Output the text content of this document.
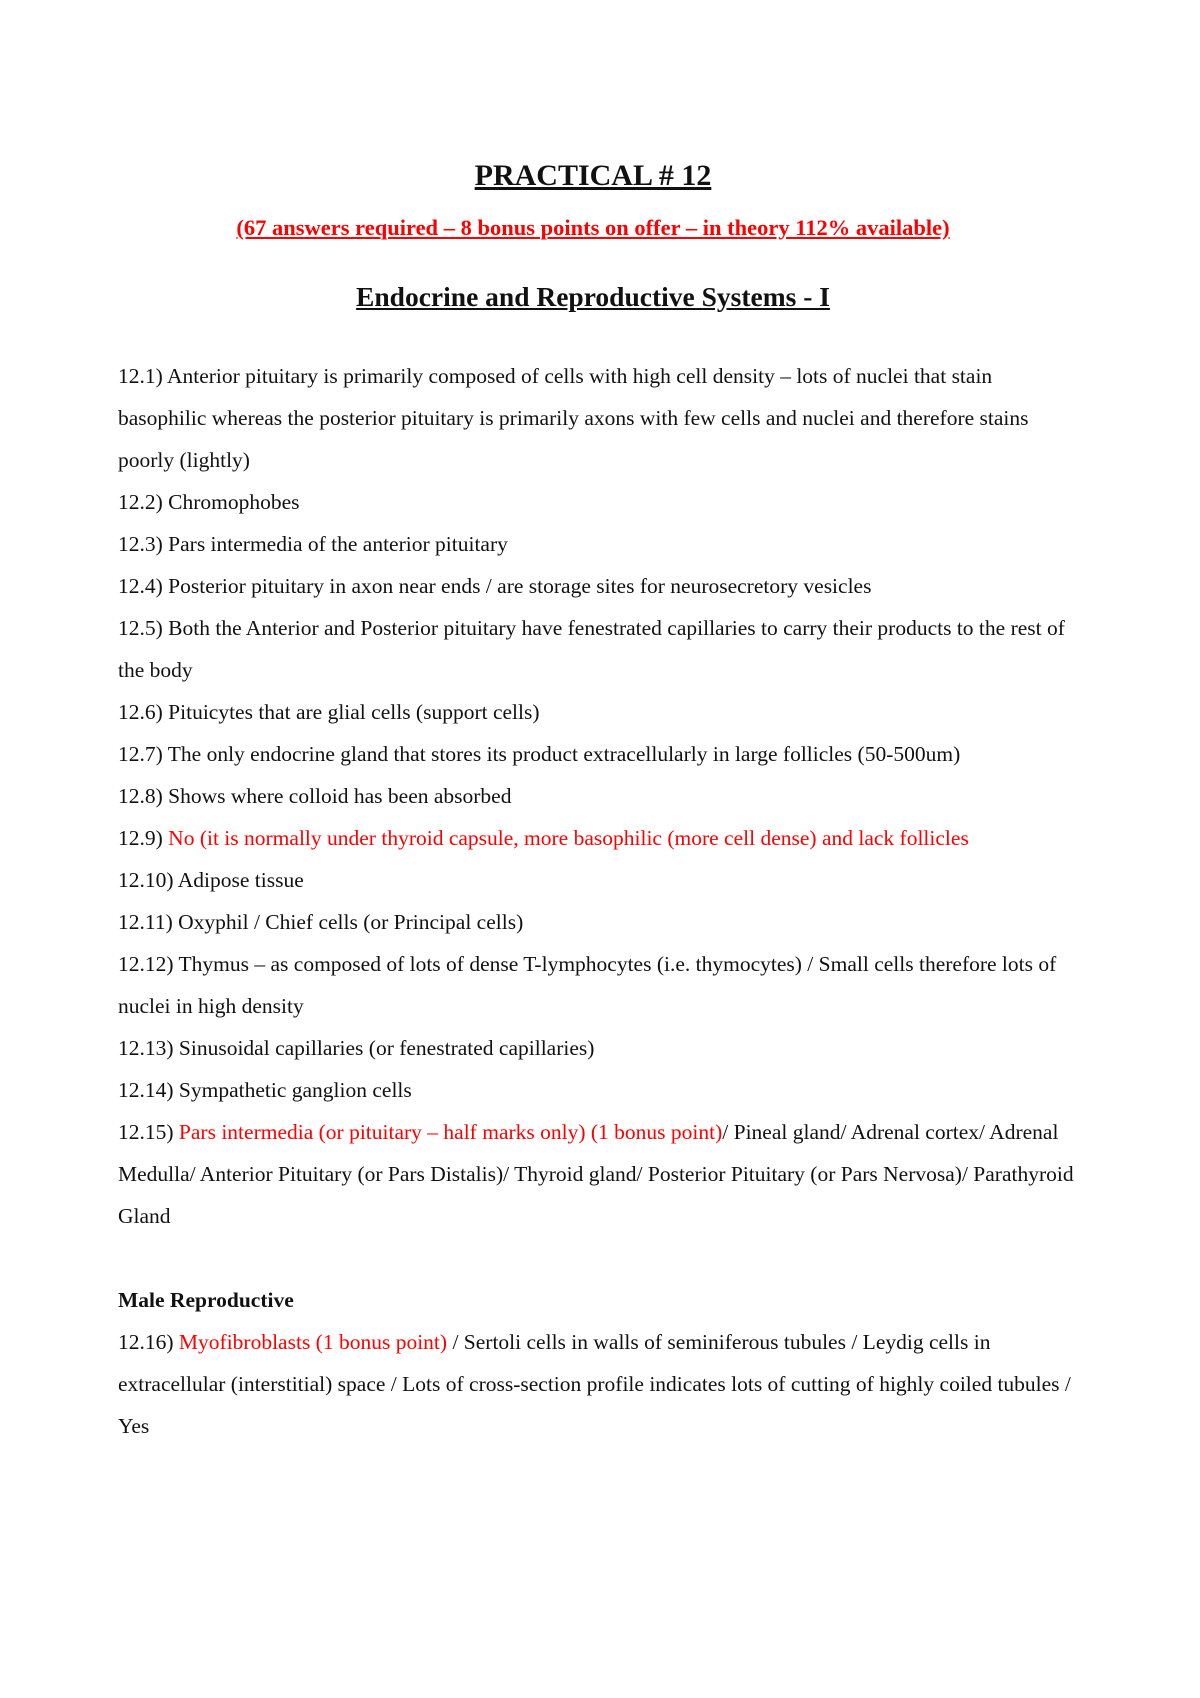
PRACTICAL # 12
(67 answers required – 8 bonus points on offer – in theory 112% available)
Endocrine and Reproductive Systems - I

12.1) Anterior pituitary is primarily composed of cells with high cell density – lots of nuclei that stain basophilic whereas the posterior pituitary is primarily axons with few cells and nuclei and therefore stains poorly (lightly)

12.2) Chromophobes

12.3) Pars intermedia of the anterior pituitary

12.4) Posterior pituitary in axon near ends / are storage sites for neurosecretory vesicles

12.5) Both the Anterior and Posterior pituitary have fenestrated capillaries to carry their products to the rest of the body

12.6) Pituicytes that are glial cells (support cells)

12.7) The only endocrine gland that stores its product extracellularly in large follicles (50-500um)

12.8) Shows where colloid has been absorbed

12.9) No (it is normally under thyroid capsule, more basophilic (more cell dense) and lack follicles

12.10) Adipose tissue

12.11) Oxyphil / Chief cells (or Principal cells)

12.12) Thymus – as composed of lots of dense T-lymphocytes (i.e. thymocytes) / Small cells therefore lots of nuclei in high density

12.13) Sinusoidal capillaries (or fenestrated capillaries)

12.14) Sympathetic ganglion cells

12.15) Pars intermedia (or pituitary – half marks only) (1 bonus point)/ Pineal gland/ Adrenal cortex/ Adrenal Medulla/ Anterior Pituitary (or Pars Distalis)/ Thyroid gland/ Posterior Pituitary (or Pars Nervosa)/ Parathyroid Gland

Male Reproductive

12.16) Myofibroblasts (1 bonus point) / Sertoli cells in walls of seminiferous tubules / Leydig cells in extracellular (interstitial) space / Lots of cross-section profile indicates lots of cutting of highly coiled tubules / Yes
